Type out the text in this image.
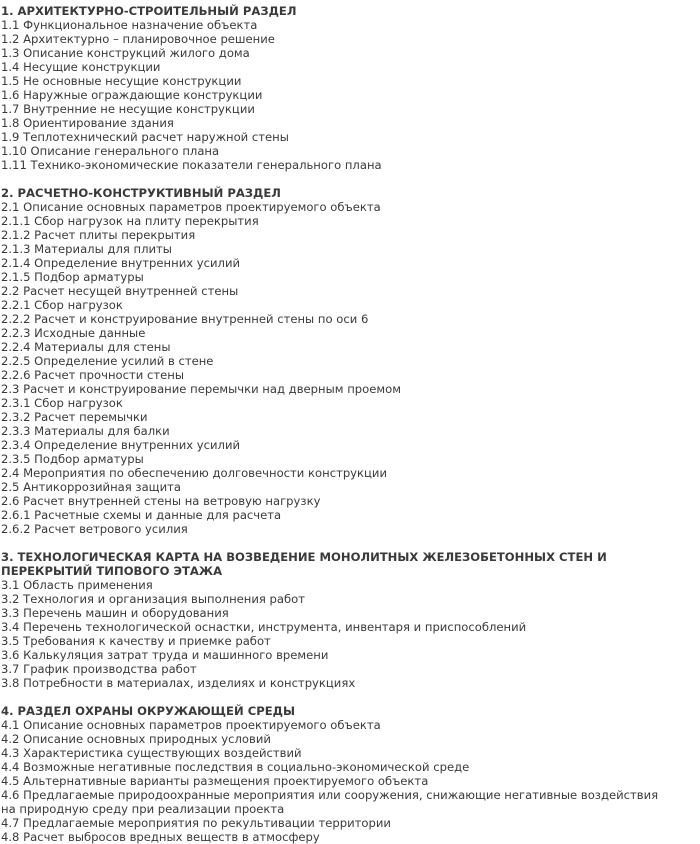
1. АРХИТЕКТУРНО-СТРОИТЕЛЬНЫЙ РАЗДЕЛ
1.1 Функциональное назначение объекта
1.2 Архитектурно – планировочное решение
1.3 Описание конструкций жилого дома
1.4 Несущие конструкции
1.5 Не основные несущие конструкции
1.6 Наружные ограждающие конструкции
1.7 Внутренние не несущие конструкции
1.8 Ориентирование здания
1.9 Теплотехнический расчет наружной стены
1.10 Описание генерального плана
1.11 Технико-экономические показатели генерального плана
2. РАСЧЕТНО-КОНСТРУКТИВНЫЙ РАЗДЕЛ
2.1 Описание основных параметров проектируемого объекта
2.1.1 Сбор нагрузок на плиту перекрытия
2.1.2 Расчет плиты перекрытия
2.1.3 Материалы для плиты
2.1.4 Определение внутренних усилий
2.1.5 Подбор арматуры
2.2 Расчет несущей внутренней стены
2.2.1 Сбор нагрузок
2.2.2 Расчет и конструирование внутренней стены по оси 6
2.2.3 Исходные данные
2.2.4 Материалы для стены
2.2.5 Определение усилий в стене
2.2.6 Расчет прочности стены
2.3 Расчет и конструирование перемычки над дверным проемом
2.3.1 Сбор нагрузок
2.3.2 Расчет перемычки
2.3.3 Материалы для балки
2.3.4 Определение внутренних усилий
2.3.5 Подбор арматуры
2.4 Мероприятия по обеспечению долговечности конструкции
2.5 Антикоррозийная защита
2.6 Расчет внутренней стены на ветровую нагрузку
2.6.1 Расчетные схемы и данные для расчета
2.6.2 Расчет ветрового усилия
3. ТЕХНОЛОГИЧЕСКАЯ КАРТА НА ВОЗВЕДЕНИЕ МОНОЛИТНЫХ ЖЕЛЕЗОБЕТОННЫХ СТЕН И ПЕРЕКРЫТИЙ ТИПОВОГО ЭТАЖА
3.1 Область применения
3.2 Технология и организация выполнения работ
3.3 Перечень машин и оборудования
3.4 Перечень технологической оснастки, инструмента, инвентаря и приспособлений
3.5 Требования к качеству и приемке работ
3.6 Калькуляция затрат труда и машинного времени
3.7 График производства работ
3.8 Потребности в материалах, изделиях и конструкциях
4. РАЗДЕЛ ОХРАНЫ ОКРУЖАЮЩЕЙ СРЕДЫ
4.1 Описание основных параметров проектируемого объекта
4.2 Описание основных природных условий
4.3 Характеристика существующих воздействий
4.4 Возможные негативные последствия в социально-экономической среде
4.5 Альтернативные варианты размещения проектируемого объекта
4.6 Предлагаемые природоохранные мероприятия или сооружения, снижающие негативные воздействия на природную среду при реализации проекта
4.7 Предлагаемые мероприятия по рекультивации территории
4.8 Расчет выбросов вредных веществ в атмосферу
